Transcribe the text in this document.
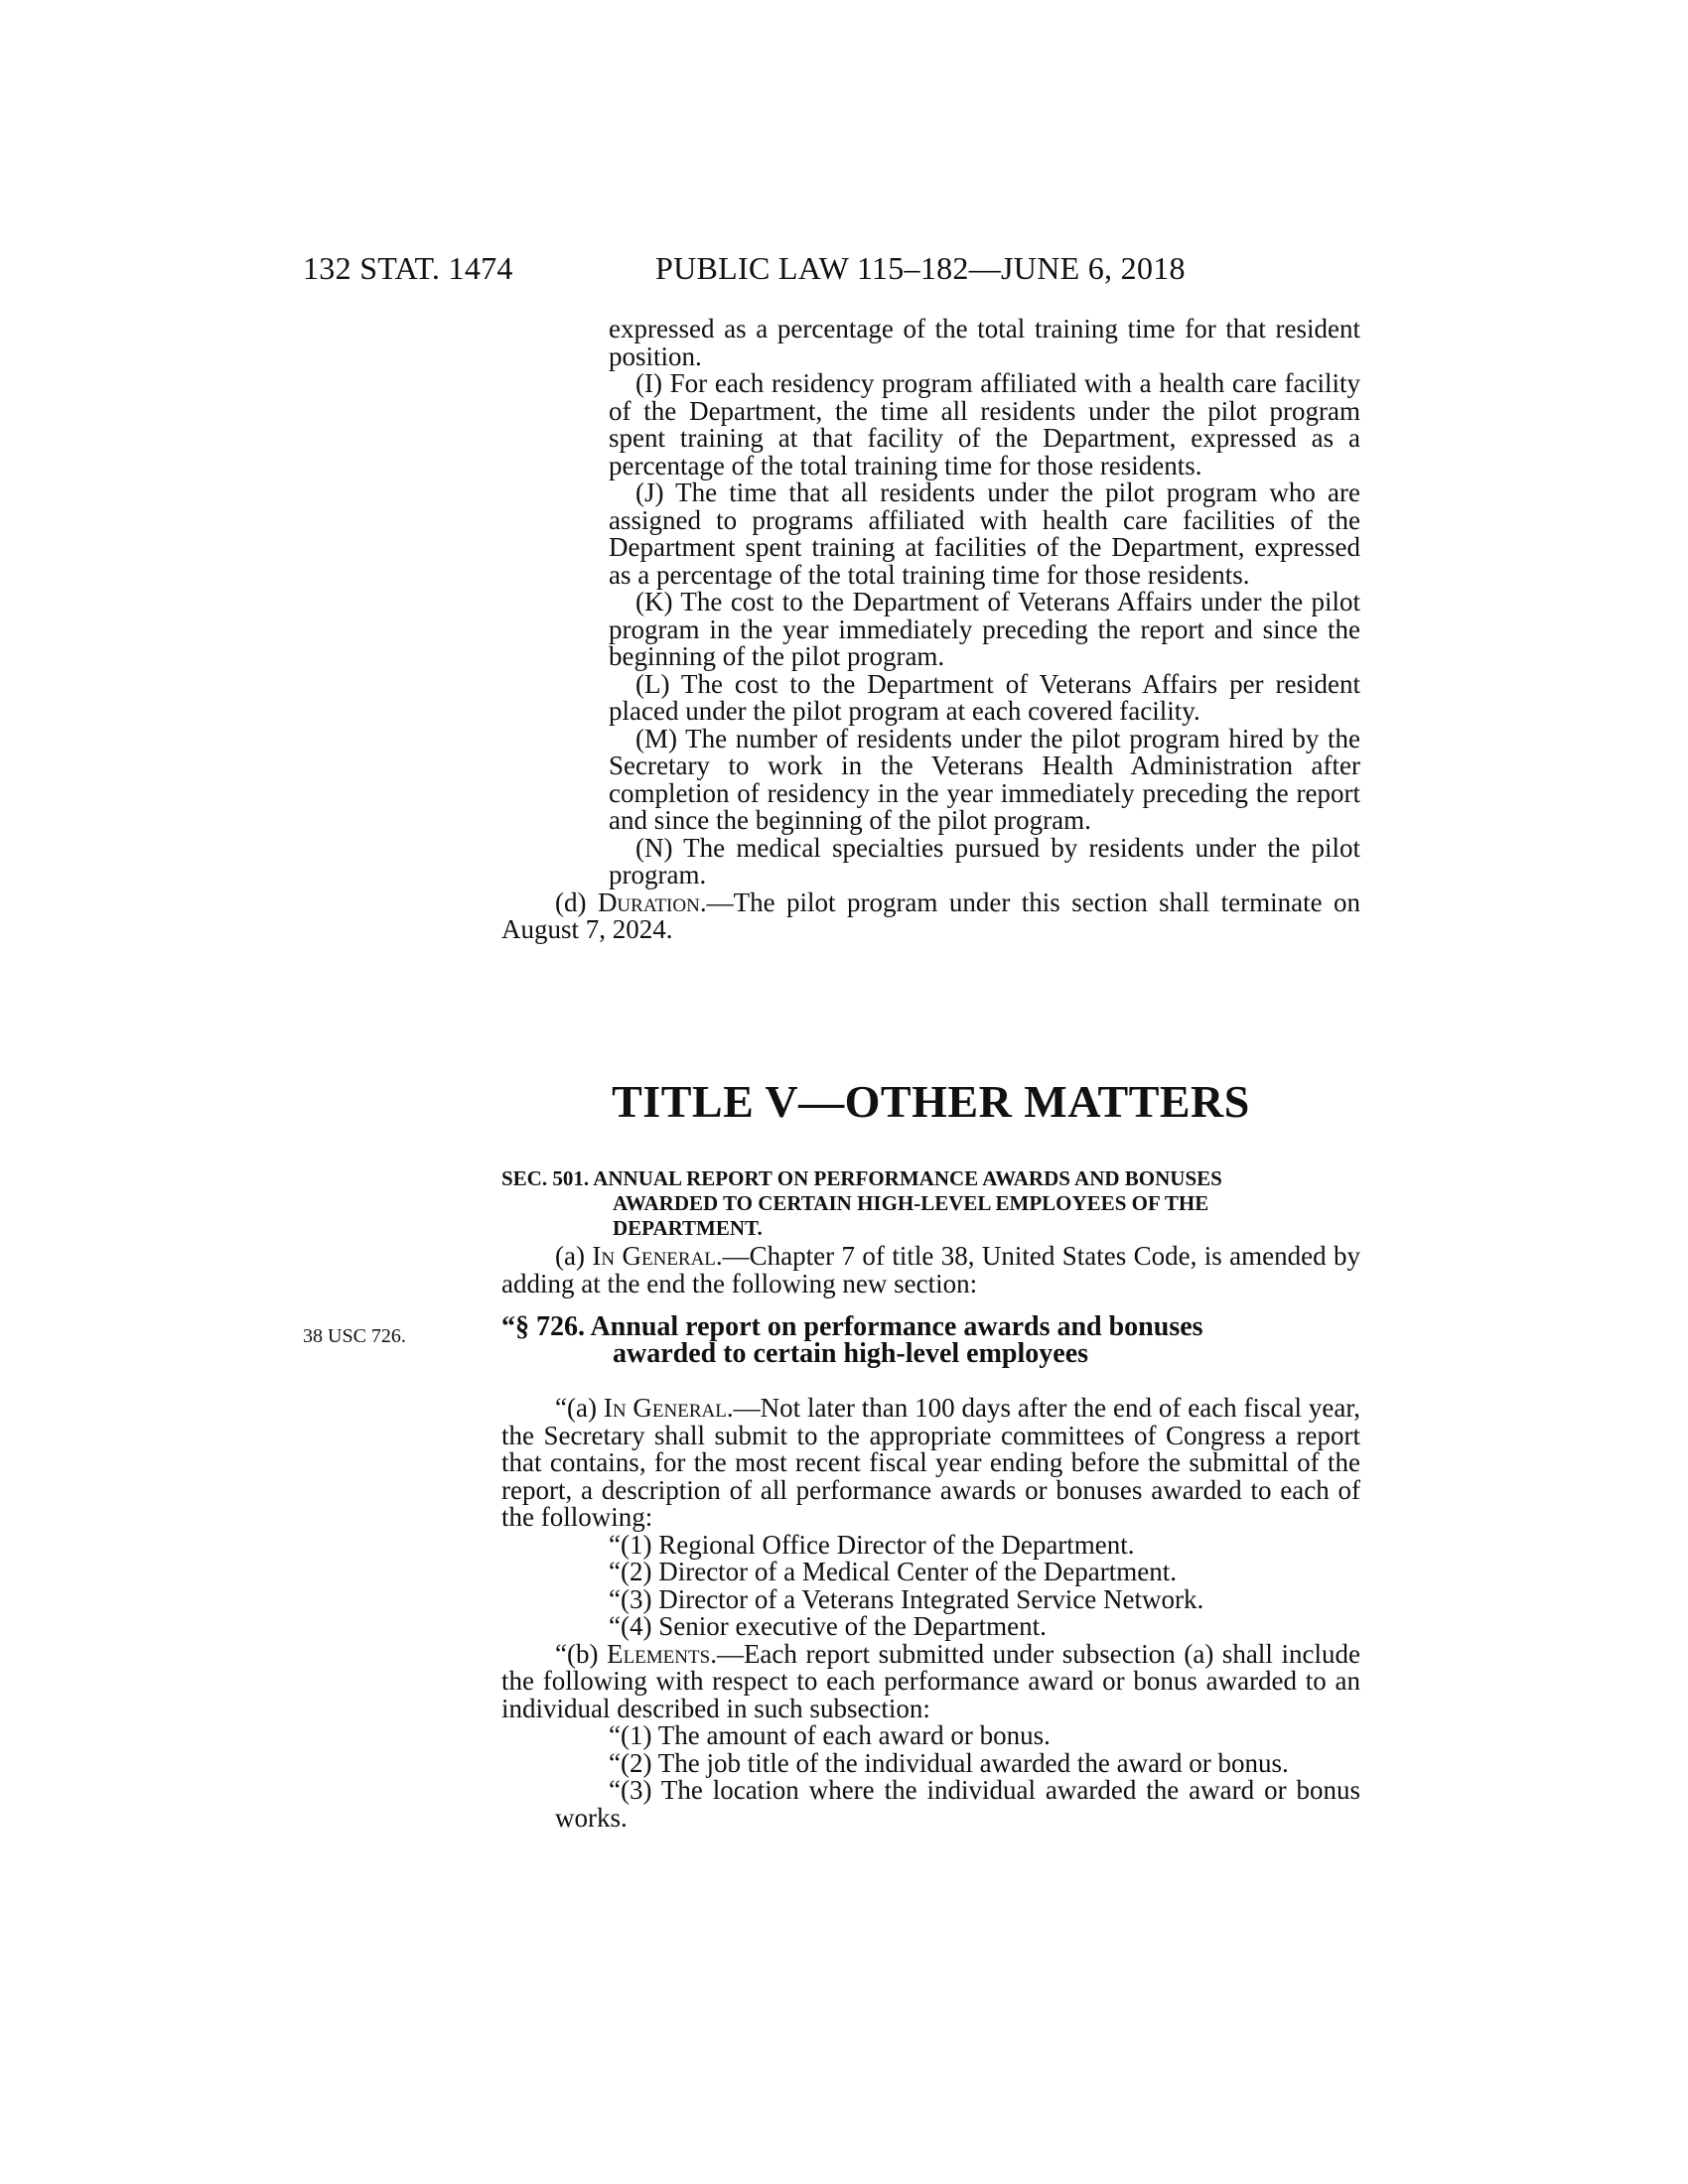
132 STAT. 1474	PUBLIC LAW 115–182—JUNE 6, 2018

expressed as a percentage of the total training time for that resident position.

(I) For each residency program affiliated with a health care facility of the Department, the time all residents under the pilot program spent training at that facility of the Department, expressed as a percentage of the total training time for those residents.

(J) The time that all residents under the pilot program who are assigned to programs affiliated with health care facilities of the Department spent training at facilities of the Department, expressed as a percentage of the total training time for those residents.

(K) The cost to the Department of Veterans Affairs under the pilot program in the year immediately preceding the report and since the beginning of the pilot program.

(L) The cost to the Department of Veterans Affairs per resident placed under the pilot program at each covered facility.

(M) The number of residents under the pilot program hired by the Secretary to work in the Veterans Health Administration after completion of residency in the year immediately preceding the report and since the beginning of the pilot program.

(N) The medical specialties pursued by residents under the pilot program.

(d) Duration.—The pilot program under this section shall terminate on August 7, 2024.

TITLE V—OTHER MATTERS
SEC. 501. ANNUAL REPORT ON PERFORMANCE AWARDS AND BONUSES
AWARDED TO CERTAIN HIGH-LEVEL EMPLOYEES OF THE DEPARTMENT.

(a) In General.—Chapter 7 of title 38, United States Code, is amended by adding at the end the following new section:

38 USC 726.	“§ 726. Annual report on performance awards and bonuses
awarded to certain high-level employees

“(a) In General.—Not later than 100 days after the end of each fiscal year, the Secretary shall submit to the appropriate committees of Congress a report that contains, for the most recent fiscal year ending before the submittal of the report, a description of all performance awards or bonuses awarded to each of the following:

“(1) Regional Office Director of the Department.

“(2) Director of a Medical Center of the Department.

“(3) Director of a Veterans Integrated Service Network.

“(4) Senior executive of the Department.

“(b) Elements.—Each report submitted under subsection (a) shall include the following with respect to each performance award or bonus awarded to an individual described in such subsection:

“(1) The amount of each award or bonus.

“(2) The job title of the individual awarded the award or bonus.

“(3) The location where the individual awarded the award or bonus works.
